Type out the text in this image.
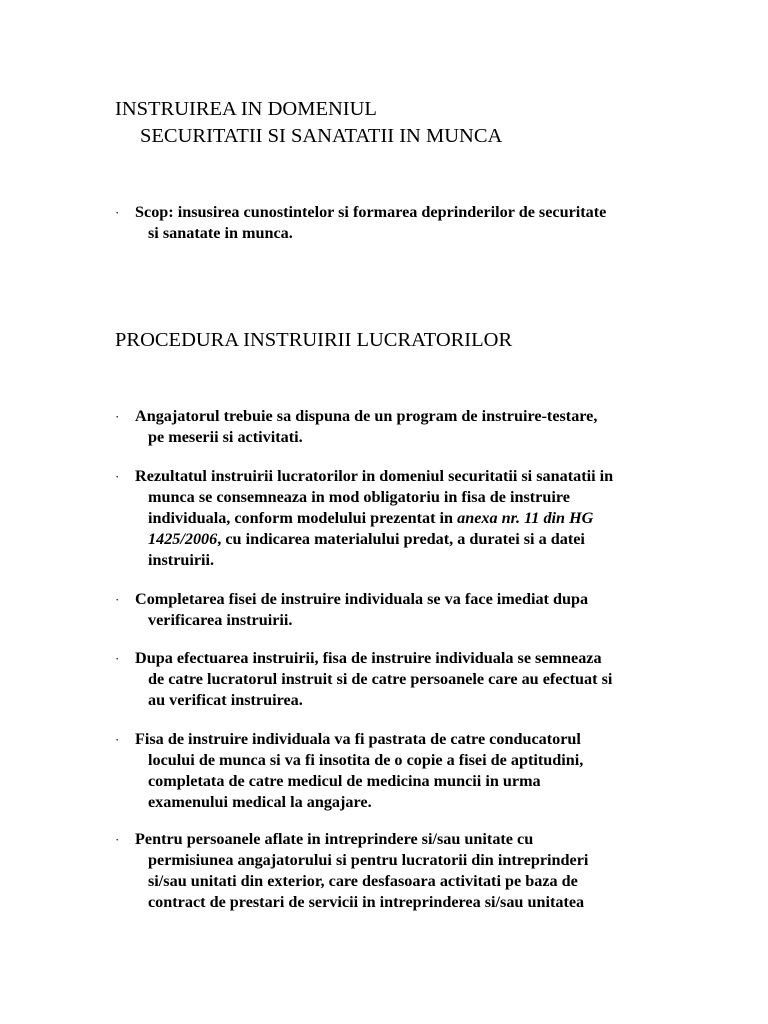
INSTRUIREA IN DOMENIUL
SECURITATII SI SANATATII IN MUNCA
· Scop: insusirea cunostintelor si formarea deprinderilor de securitate
si sanatate in munca.
PROCEDURA INSTRUIRII LUCRATORILOR
· Angajatorul trebuie sa dispuna de un program de instruire-testare,
pe meserii si activitati.
· Rezultatul instruirii lucratorilor in domeniul securitatii si sanatatii in
munca se consemneaza in mod obligatoriu in fisa de instruire
individuala, conform modelului prezentat in anexa nr. 11 din HG
1425/2006, cu indicarea materialului predat, a duratei si a datei
instruirii.
· Completarea fisei de instruire individuala se va face imediat dupa
verificarea instruirii.
· Dupa efectuarea instruirii, fisa de instruire individuala se semneaza
de catre lucratorul instruit si de catre persoanele care au efectuat si
au verificat instruirea.
· Fisa de instruire individuala va fi pastrata de catre conducatorul
locului de munca si va fi insotita de o copie a fisei de aptitudini,
completata de catre medicul de medicina muncii in urma
examenului medical la angajare.
· Pentru persoanele aflate in intreprindere si/sau unitate cu
permisiunea angajatorului si pentru lucratorii din intreprinderi
si/sau unitati din exterior, care desfasoara activitati pe baza de
contract de prestari de servicii in intreprinderea si/sau unitatea
